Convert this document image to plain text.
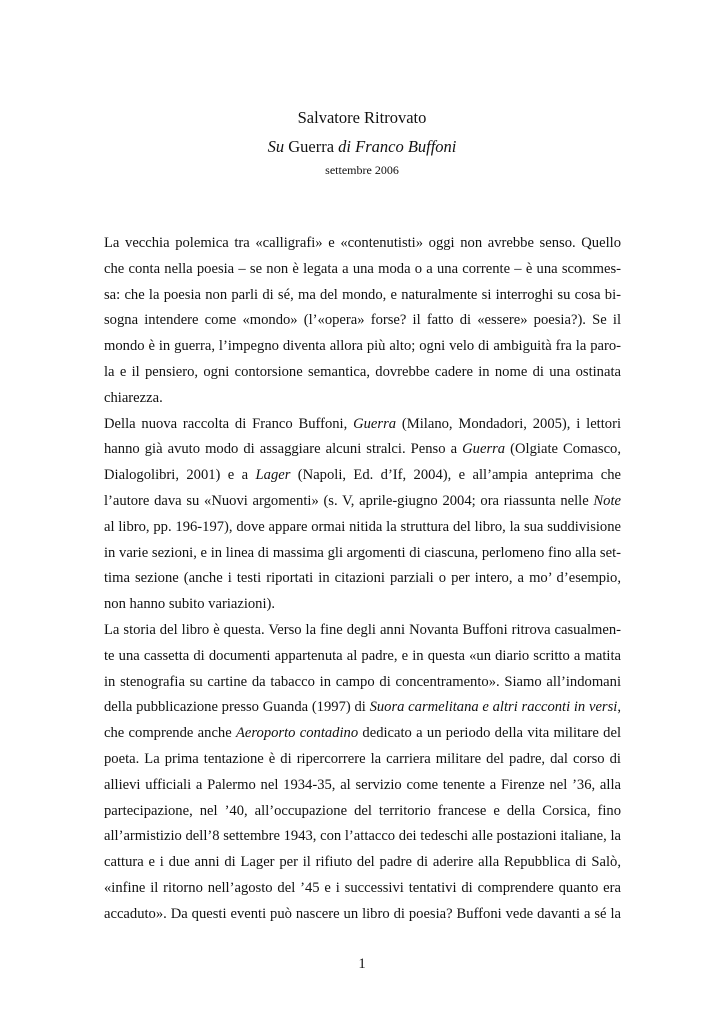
Salvatore Ritrovato
Su Guerra di Franco Buffoni
settembre 2006
La vecchia polemica tra «calligrafi» e «contenutisti» oggi non avrebbe senso. Quello
che conta nella poesia – se non è legata a una moda o a una corrente – è una scommes-
sa: che la poesia non parli di sé, ma del mondo, e naturalmente si interroghi su cosa bi-
sogna intendere come «mondo» (l’«opera» forse? il fatto di «essere» poesia?). Se il
mondo è in guerra, l’impegno diventa allora più alto; ogni velo di ambiguità fra la paro-
la e il pensiero, ogni contorsione semantica, dovrebbe cadere in nome di una ostinata
chiarezza.
Della nuova raccolta di Franco Buffoni, Guerra (Milano, Mondadori, 2005), i lettori
hanno già avuto modo di assaggiare alcuni stralci. Penso a Guerra (Olgiate Comasco,
Dialogolibri, 2001) e a Lager (Napoli, Ed. d’If, 2004), e all’ampia anteprima che
l’autore dava su «Nuovi argomenti» (s. V, aprile-giugno 2004; ora riassunta nelle Note
al libro, pp. 196-197), dove appare ormai nitida la struttura del libro, la sua suddivisione
in varie sezioni, e in linea di massima gli argomenti di ciascuna, perlomeno fino alla set-
tima sezione (anche i testi riportati in citazioni parziali o per intero, a mo’ d’esempio,
non hanno subito variazioni).
La storia del libro è questa. Verso la fine degli anni Novanta Buffoni ritrova casualmen-
te una cassetta di documenti appartenuta al padre, e in questa «un diario scritto a matita
in stenografia su cartine da tabacco in campo di concentramento». Siamo all’indomani
della pubblicazione presso Guanda (1997) di Suora carmelitana e altri racconti in versi,
che comprende anche Aeroporto contadino dedicato a un periodo della vita militare del
poeta. La prima tentazione è di ripercorrere la carriera militare del padre, dal corso di
allievi ufficiali a Palermo nel 1934-35, al servizio come tenente a Firenze nel ’36, alla
partecipazione, nel ’40, all’occupazione del territorio francese e della Corsica, fino
all’armistizio dell’8 settembre 1943, con l’attacco dei tedeschi alle postazioni italiane, la
cattura e i due anni di Lager per il rifiuto del padre di aderire alla Repubblica di Salò,
«infine il ritorno nell’agosto del ’45 e i successivi tentativi di comprendere quanto era
accaduto». Da questi eventi può nascere un libro di poesia? Buffoni vede davanti a sé la
1
